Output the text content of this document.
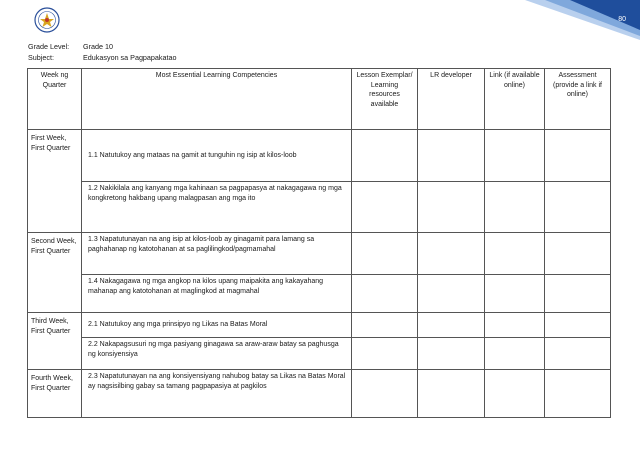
80
Grade Level: Grade 10
Subject:	Edukasyon sa Pagpapakatao
Week ng Quarter	Most Essential Learning Competencies	Lesson Exemplar/ Learning resources available	LR developer	Link (if available online)	Assessment (provide a link if online)
First Week, First Quarter	1.1 Natutukoy ang mataas na gamit at tunguhin ng isip at kilos-loob				
	1.2 Nakikilala ang kanyang mga kahinaan sa pagpapasya at nakagagawa ng mga kongkretong hakbang upang malagpasan ang mga ito				
Second Week, First Quarter	1.3 Napatutunayan na ang isip at kilos-loob ay ginagamit para lamang sa paghahanap ng katotohanan at sa paglilingkod/pagmamahal				
	1.4 Nakagagawa ng mga angkop na kilos upang maipakita ang kakayahang mahanap ang katotohanan at maglingkod at magmahal				
Third Week, First Quarter	2.1 Natutukoy ang mga prinsipyo ng Likas na Batas Moral				
	2.2 Nakapagsusuri ng mga pasiyang ginagawa sa araw-araw batay sa paghusga ng konsiyensiya				
Fourth Week, First Quarter	2.3 Napatutunayan na ang konsiyensiyang nahubog batay sa Likas na Batas Moral ay nagsisilbing gabay sa tamang pagpapasiya at pagkilos				
